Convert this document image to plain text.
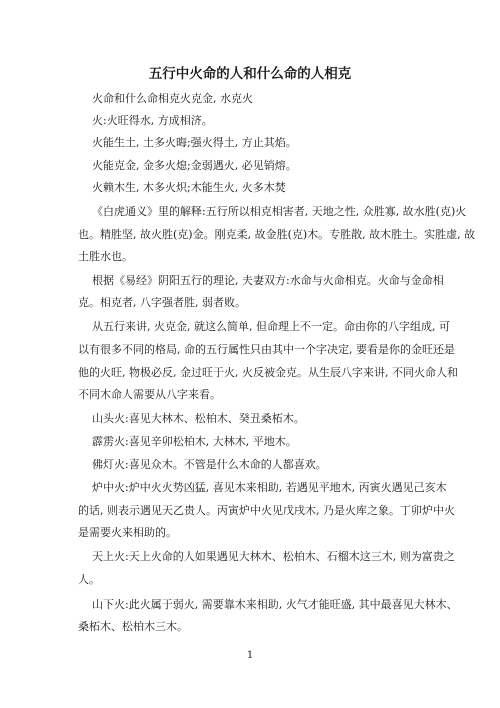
五行中火命的人和什么命的人相克

火命和什么命相克火克金, 水克火

火:火旺得水, 方成相济。

火能生土, 土多火晦;强火得土, 方止其焰。

火能克金, 金多火熄;金弱遇火, 必见销熔。

火赖木生, 木多火炽;木能生火, 火多木焚

《白虎通义》里的解释:五行所以相克相害者, 天地之性, 众胜寡, 故水胜(克)火

也。精胜坚, 故火胜(克)金。刚克柔, 故金胜(克)木。专胜散, 故木胜土。实胜虚, 故

土胜水也。

根据《易经》阴阳五行的理论, 夫妻双方:水命与火命相克。火命与金命相

克。相克者, 八字强者胜, 弱者败。

从五行来讲, 火克金, 就这么简单, 但命理上不一定。命由你的八字组成, 可

以有很多不同的格局, 命的五行属性只由其中一个字决定, 要看是你的金旺还是

他的火旺, 物极必反, 金过旺于火, 火反被金克。从生辰八字来讲, 不同火命人和

不同木命人需要从八字来看。

山头火:喜见大林木、松柏木、癸丑桑柘木。

霹雳火:喜见辛卯松柏木, 大林木, 平地木。

佛灯火:喜见众木。不管是什么木命的人都喜欢。

炉中火:炉中火火势凶猛, 喜见木来相助, 若遇见平地木, 丙寅火遇见己亥木

的话, 则表示遇见天乙贵人。丙寅炉中火见戊戌木, 乃是火库之象。丁卯炉中火

是需要火来相助的。

天上火:天上火命的人如果遇见大林木、松柏木、石榴木这三木, 则为富贵之

人。

山下火:此火属于弱火, 需要靠木来相助, 火气才能旺盛, 其中最喜见大林木、

桑柘木、松柏木三木。

1
